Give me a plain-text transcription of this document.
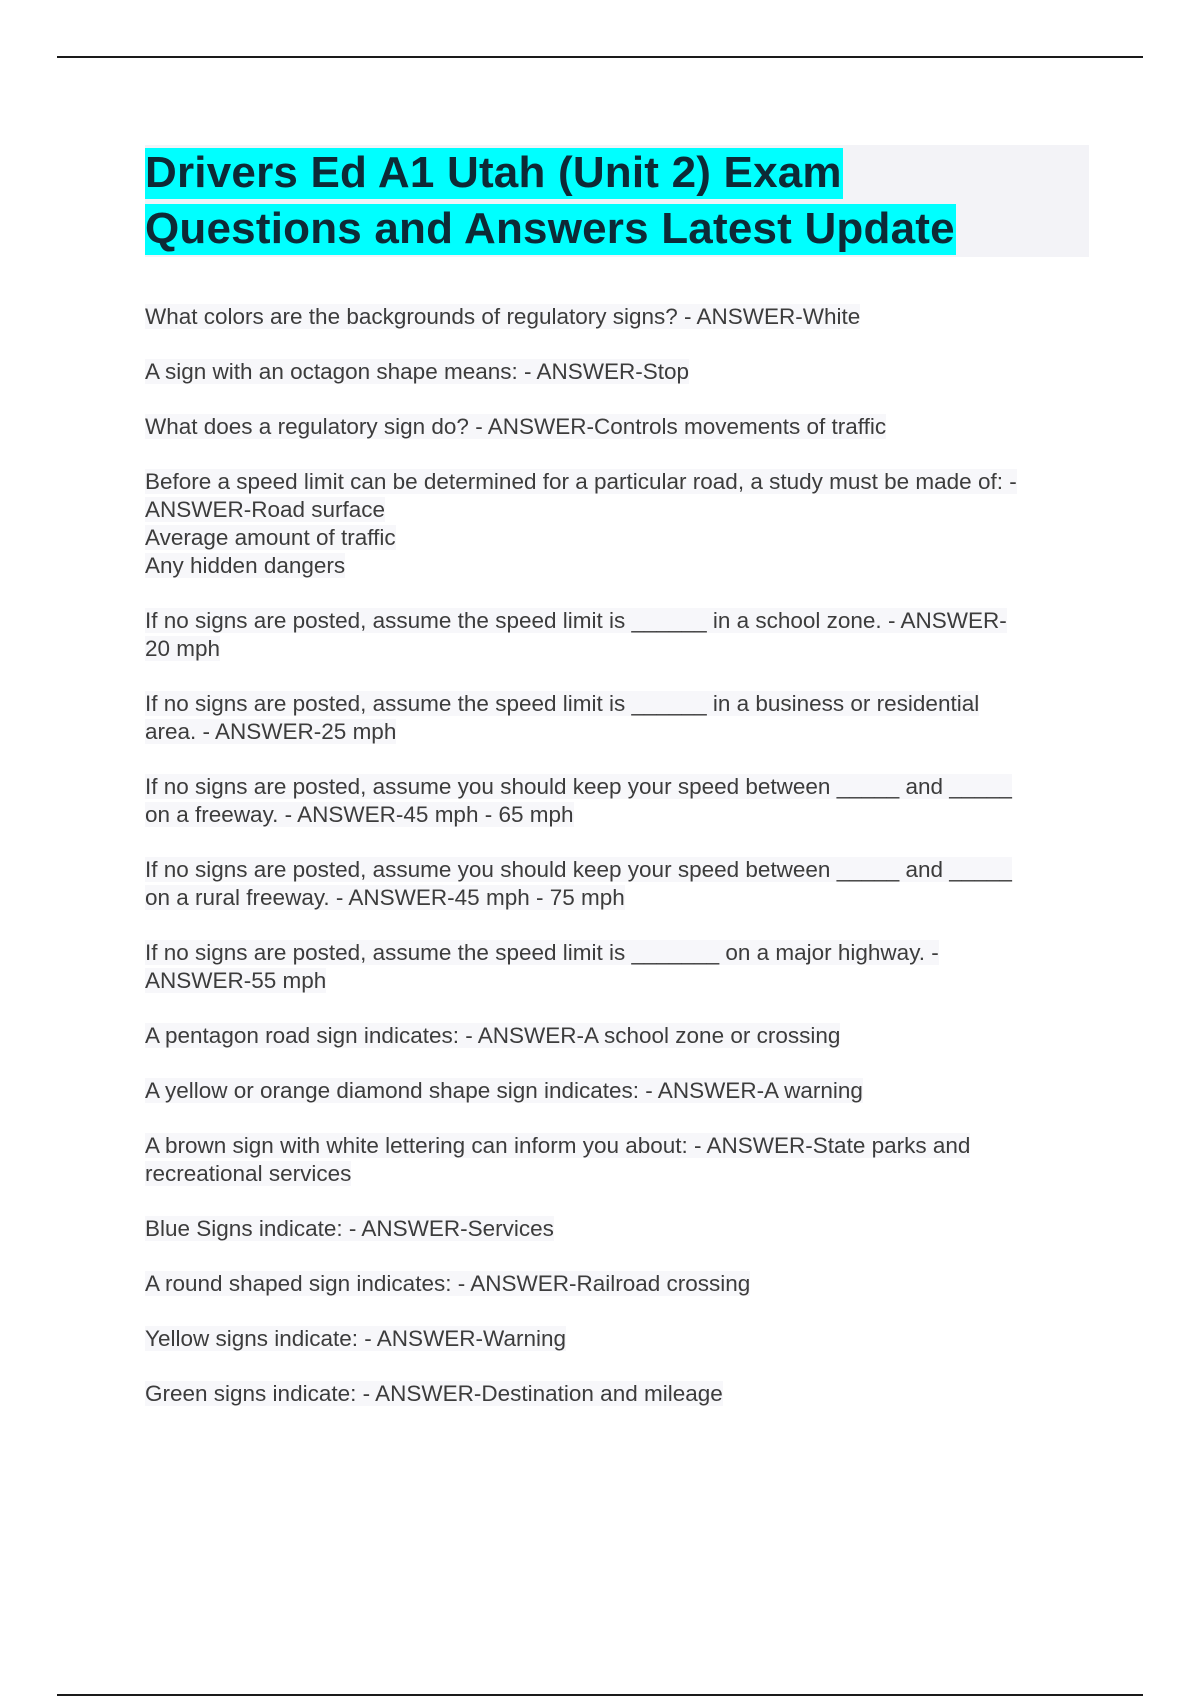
Drivers Ed A1 Utah (Unit 2) Exam
Questions and Answers Latest Update
What colors are the backgrounds of regulatory signs? - ANSWER-White
A sign with an octagon shape means: - ANSWER-Stop
What does a regulatory sign do? - ANSWER-Controls movements of traffic
Before a speed limit can be determined for a particular road, a study must be made of: -
ANSWER-Road surface
Average amount of traffic
Any hidden dangers
If no signs are posted, assume the speed limit is ______ in a school zone. - ANSWER-
20 mph
If no signs are posted, assume the speed limit is ______ in a business or residential
area. - ANSWER-25 mph
If no signs are posted, assume you should keep your speed between _____ and _____
on a freeway. - ANSWER-45 mph - 65 mph
If no signs are posted, assume you should keep your speed between _____ and _____
on a rural freeway. - ANSWER-45 mph - 75 mph
If no signs are posted, assume the speed limit is _______ on a major highway. -
ANSWER-55 mph
A pentagon road sign indicates: - ANSWER-A school zone or crossing
A yellow or orange diamond shape sign indicates: - ANSWER-A warning
A brown sign with white lettering can inform you about: - ANSWER-State parks and
recreational services
Blue Signs indicate: - ANSWER-Services
A round shaped sign indicates: - ANSWER-Railroad crossing
Yellow signs indicate: - ANSWER-Warning
Green signs indicate: - ANSWER-Destination and mileage
